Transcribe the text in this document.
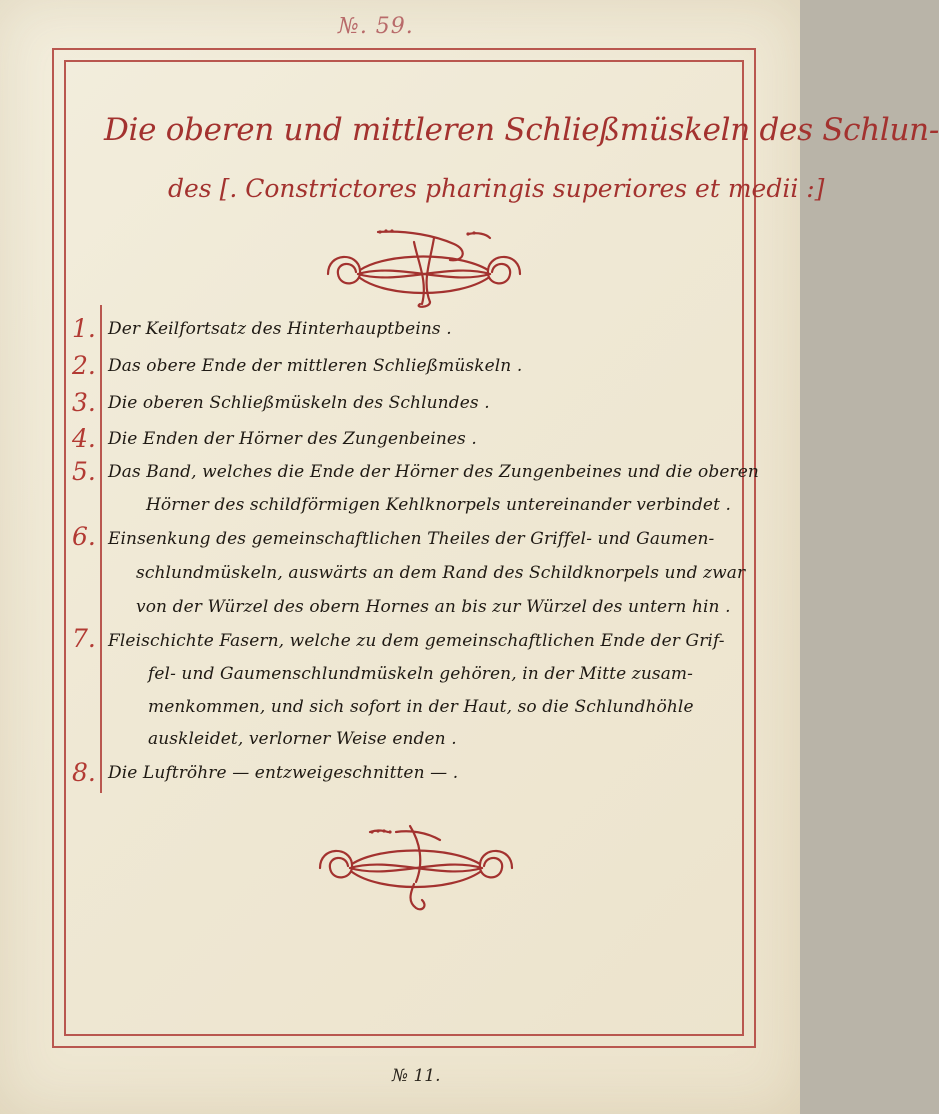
№. 59.
Die oberen und mittleren Schließmüskeln des Schlun-
des [. Constrictores pharingis superiores et medii :]
1. Der Keilfortsatz des Hinterhauptbeins .
2. Das obere Ende der mittleren Schließmüskeln .
3. Die oberen Schließmüskeln des Schlundes .
4. Die Enden der Hörner des Zungenbeines .
5. Das Band, welches die Ende der Hörner des Zungenbeines und die oberen
Hörner des schildförmigen Kehlknorpels untereinander verbindet .
6. Einsenkung des gemeinschaftlichen Theiles der Griffel- und Gaumen-
schlundmüskeln, auswärts an dem Rand des Schildknorpels und zwar
von der Würzel des obern Hornes an bis zur Würzel des untern hin .
7. Fleischichte Fasern, welche zu dem gemeinschaftlichen Ende der Grif-
fel- und Gaumenschlundmüskeln gehören, in der Mitte zusam-
menkommen, und sich sofort in der Haut, so die Schlundhöhle
auskleidet, verlorner Weise enden .
8. Die Luftröhre — entzweigeschnitten — .
№ 11.
